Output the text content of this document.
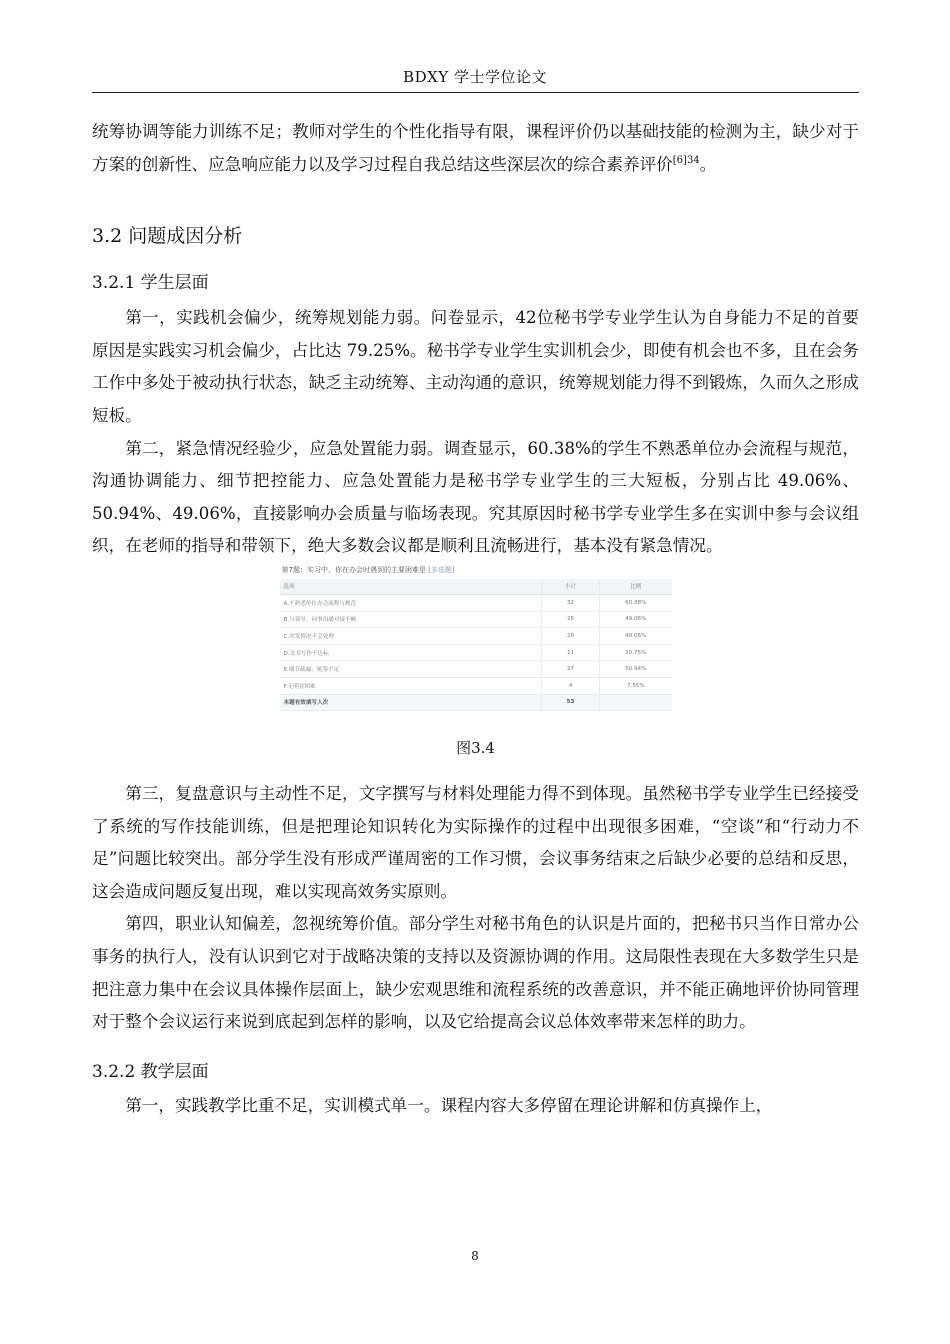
BDXY 学士学位论文

统筹协调等能力训练不足；教师对学生的个性化指导有限，课程评价仍以基础技能的检测为主，缺少对于方案的创新性、应急响应能力以及学习过程自我总结这些深层次的综合素养评价$^{[6]34}$。

3.2 问题成因分析
3.2.1 学生层面

第一，实践机会偏少，统筹规划能力弱。问卷显示，42位秘书学专业学生认为自身能力不足的首要原因是实践实习机会偏少，占比达 79.25%。秘书学专业学生实训机会少，即使有机会也不多，且在会务工作中多处于被动执行状态，缺乏主动统筹、主动沟通的意识，统筹规划能力得不到锻炼，久而久之形成短板。

第二，紧急情况经验少，应急处置能力弱。调查显示，60.38%的学生不熟悉单位办会流程与规范，沟通协调能力、细节把控能力、应急处置能力是秘书学专业学生的三大短板，分别占比 49.06%、50.94%、49.06%，直接影响办会质量与临场表现。究其原因时秘书学专业学生多在实训中参与会议组织，在老师的指导和带领下，绝大多数会议都是顺利且流畅进行，基本没有紧急情况。

第7题：实习中，你在办会时遇到的主要困难是 [多选题]
选项	小计	比例
A.不熟悉单位办会流程与规范	32	60.38%
B.与领导、同事沟通对接不畅	26	49.06%
C.突发情况不会处理	26	49.06%
D.文书写作不达标	11	20.75%
E.细节疏漏、统筹不足	27	50.94%
F.无明显困难	4	7.55%
本题有效填写人次	53	
图3.4

第三，复盘意识与主动性不足，文字撰写与材料处理能力得不到体现。虽然秘书学专业学生已经接受了系统的写作技能训练，但是把理论知识转化为实际操作的过程中出现很多困难，“空谈”和“行动力不足”问题比较突出。部分学生没有形成严谨周密的工作习惯，会议事务结束之后缺少必要的总结和反思，这会造成问题反复出现，难以实现高效务实原则。

第四，职业认知偏差，忽视统筹价值。部分学生对秘书角色的认识是片面的，把秘书只当作日常办公事务的执行人，没有认识到它对于战略决策的支持以及资源协调的作用。这局限性表现在大多数学生只是把注意力集中在会议具体操作层面上，缺少宏观思维和流程系统的改善意识，并不能正确地评价协同管理对于整个会议运行来说到底起到怎样的影响，以及它给提高会议总体效率带来怎样的助力。

3.2.2 教学层面

第一，实践教学比重不足，实训模式单一。课程内容大多停留在理论讲解和仿真操作上，

8
